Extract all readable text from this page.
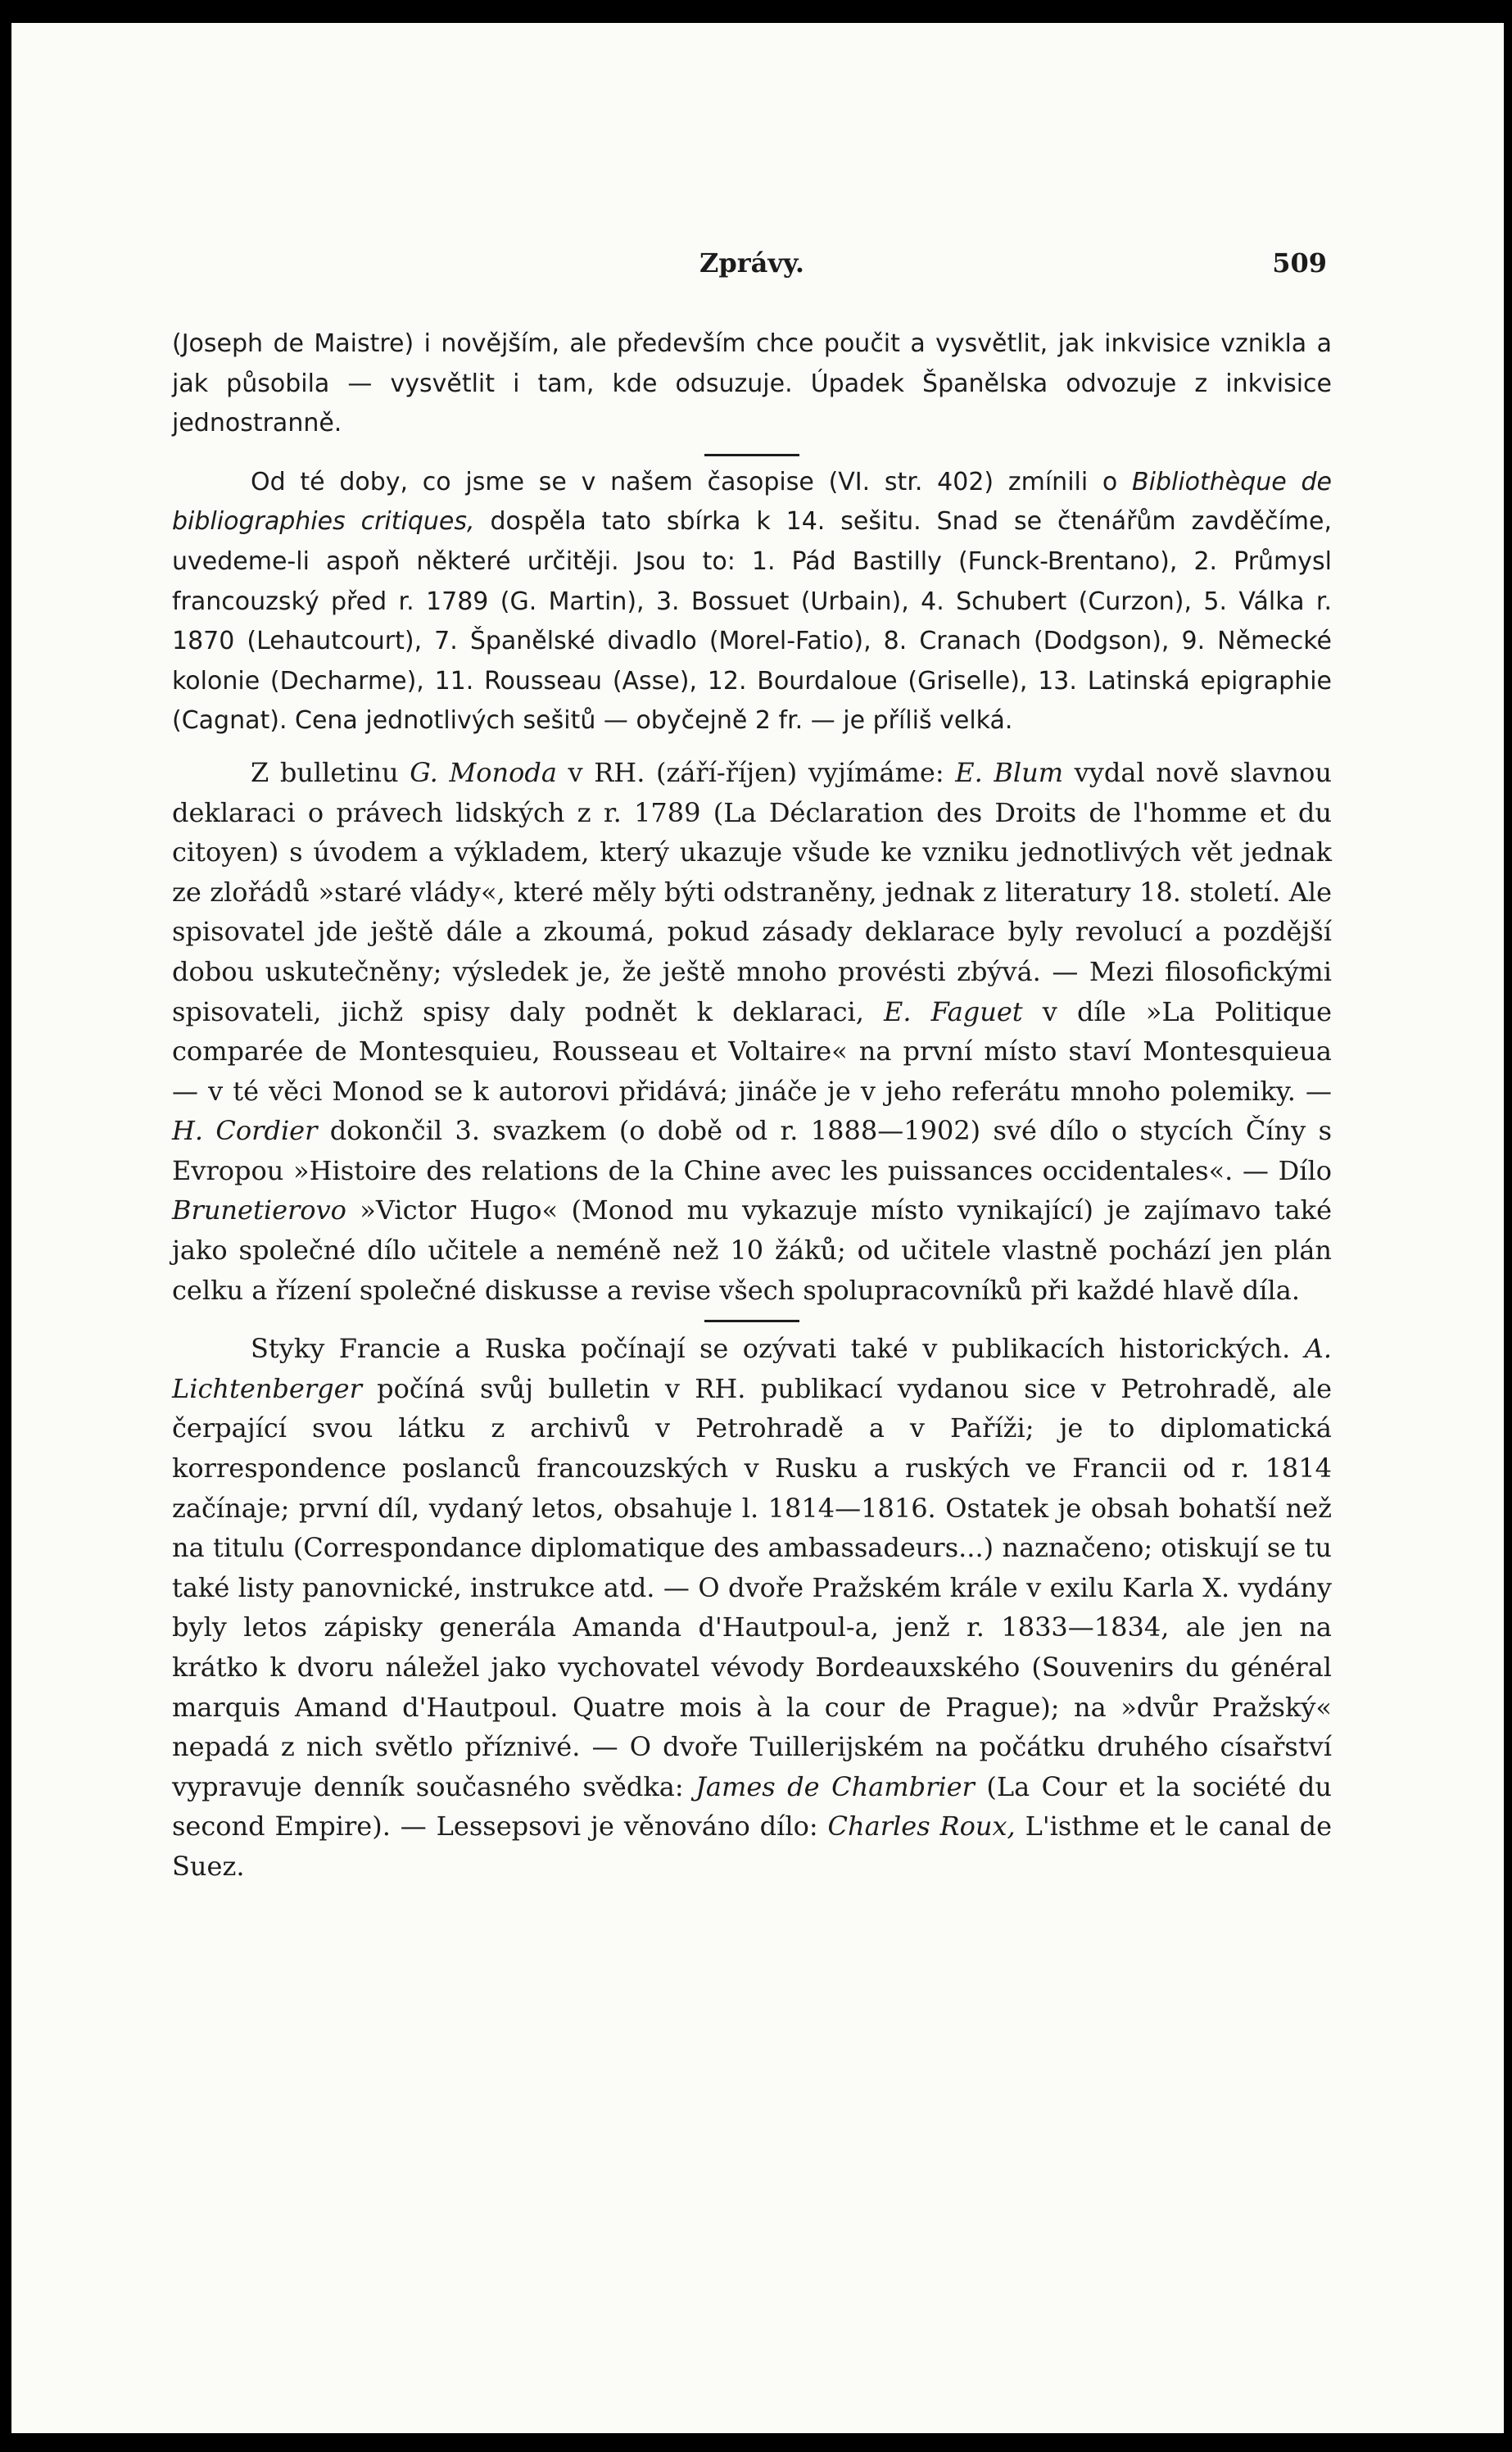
Zprávy.	509

(Joseph de Maistre) i novějším, ale především chce poučit a vysvětlit, jak inkvisice vznikla a jak působila — vysvětlit i tam, kde odsuzuje. Úpadek Španělska odvozuje z inkvisice jednostranně.

Od té doby, co jsme se v našem časopise (VI. str. 402) zmínili o Bibliothèque de bibliographies critiques, dospěla tato sbírka k 14. sešitu. Snad se čtenářům zavděčíme, uvedeme-li aspoň některé určitěji. Jsou to: 1. Pád Bastilly (Funck-Brentano), 2. Průmysl francouzský před r. 1789 (G. Martin), 3. Bossuet (Urbain), 4. Schubert (Curzon), 5. Válka r. 1870 (Lehautcourt), 7. Španělské divadlo (Morel-Fatio), 8. Cranach (Dodgson), 9. Německé kolonie (Decharme), 11. Rousseau (Asse), 12. Bourdaloue (Griselle), 13. Latinská epigraphie (Cagnat). Cena jednotlivých sešitů — obyčejně 2 fr. — je příliš velká.

Z bulletinu G. Monoda v RH. (září-říjen) vyjímáme: E. Blum vydal nově slavnou deklaraci o právech lidských z r. 1789 (La Déclaration des Droits de l'homme et du citoyen) s úvodem a výkladem, který ukazuje všude ke vzniku jednotlivých vět jednak ze zlořádů »staré vlády«, které měly býti odstraněny, jednak z literatury 18. století. Ale spisovatel jde ještě dále a zkoumá, pokud zásady deklarace byly revolucí a pozdější dobou uskutečněny; výsledek je, že ještě mnoho provésti zbývá. — Mezi filosofickými spisovateli, jichž spisy daly podnět k deklaraci, E. Faguet v díle »La Politique comparée de Montesquieu, Rousseau et Voltaire« na první místo staví Montesquieua — v té věci Monod se k autorovi přidává; jináče je v jeho referátu mnoho polemiky. — H. Cordier dokončil 3. svazkem (o době od r. 1888—1902) své dílo o stycích Číny s Evropou »Histoire des relations de la Chine avec les puissances occidentales«. — Dílo Brunetierovo »Victor Hugo« (Monod mu vykazuje místo vynikající) je zajímavo také jako společné dílo učitele a neméně než 10 žáků; od učitele vlastně pochází jen plán celku a řízení společné diskusse a revise všech spolupracovníků při každé hlavě díla.

Styky Francie a Ruska počínají se ozývati také v publikacích historických. A. Lichtenberger počíná svůj bulletin v RH. publikací vydanou sice v Petrohradě, ale čerpající svou látku z archivů v Petrohradě a v Paříži; je to diplomatická korrespondence poslanců francouzských v Rusku a ruských ve Francii od r. 1814 začínaje; první díl, vydaný letos, obsahuje l. 1814—1816. Ostatek je obsah bohatší než na titulu (Correspondance diplomatique des ambassadeurs...) naznačeno; otiskují se tu také listy panovnické, instrukce atd. — O dvoře Pražském krále v exilu Karla X. vydány byly letos zápisky generála Amanda d'Hautpoul-a, jenž r. 1833—1834, ale jen na krátko k dvoru náležel jako vychovatel vévody Bordeauxského (Souvenirs du général marquis Amand d'Hautpoul. Quatre mois à la cour de Prague); na »dvůr Pražský« nepadá z nich světlo příznivé. — O dvoře Tuillerijském na počátku druhého císařství vypravuje denník současného svědka: James de Chambrier (La Cour et la société du second Empire). — Lessepsovi je věnováno dílo: Charles Roux, L'isthme et le canal de Suez.
